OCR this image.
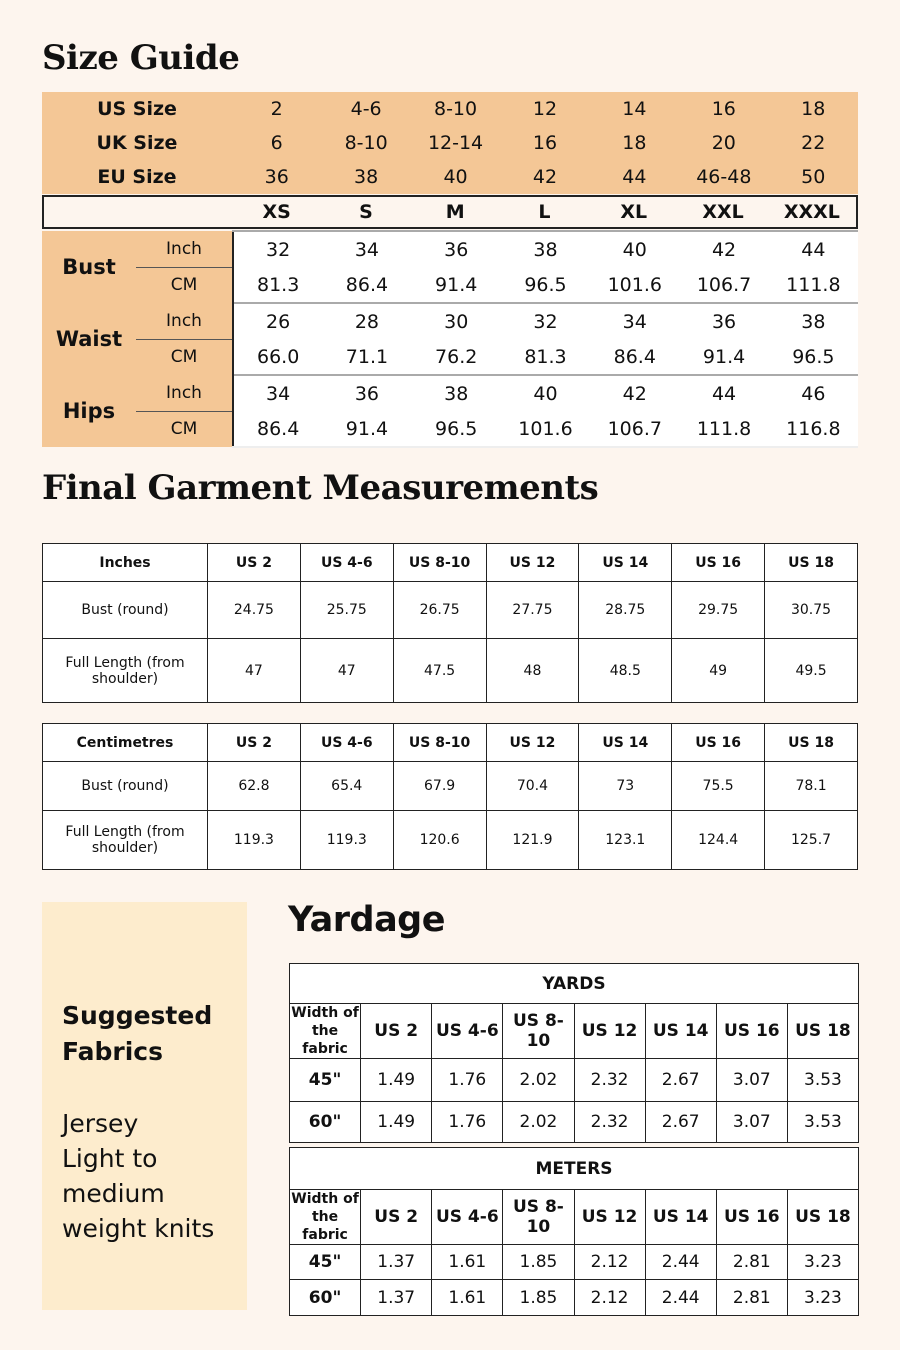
Size Guide
US Size	2	4-6	8-10	12	14	16	18
UK Size	6	8-10	12-14	16	18	20	22
EU Size	36	38	40	42	44	46-48	50
	XS	S	M	L	XL	XXL	XXXL
Bust	Inch	32	34	36	38	40	42	44
	CM	81.3	86.4	91.4	96.5	101.6	106.7	111.8
Waist	Inch	26	28	30	32	34	36	38
	CM	66.0	71.1	76.2	81.3	86.4	91.4	96.5
Hips	Inch	34	36	38	40	42	44	46
	CM	86.4	91.4	96.5	101.6	106.7	111.8	116.8
Final Garment Measurements
Inches	US 2	US 4-6	US 8-10	US 12	US 14	US 16	US 18
Bust (round)	24.75	25.75	26.75	27.75	28.75	29.75	30.75
Full Length (from shoulder)	47	47	47.5	48	48.5	49	49.5
Centimetres	US 2	US 4-6	US 8-10	US 12	US 14	US 16	US 18
Bust (round)	62.8	65.4	67.9	70.4	73	75.5	78.1
Full Length (from shoulder)	119.3	119.3	120.6	121.9	123.1	124.4	125.7
Suggested Fabrics
Jersey
Light to medium weight knits
Yardage
YARDS							
Width of the fabric	US 2	US 4-6	US 8-10	US 12	US 14	US 16	US 18
45"	1.49	1.76	2.02	2.32	2.67	3.07	3.53
60"	1.49	1.76	2.02	2.32	2.67	3.07	3.53
METERS							
Width of the fabric	US 2	US 4-6	US 8-10	US 12	US 14	US 16	US 18
45"	1.37	1.61	1.85	2.12	2.44	2.81	3.23
60"	1.37	1.61	1.85	2.12	2.44	2.81	3.23
